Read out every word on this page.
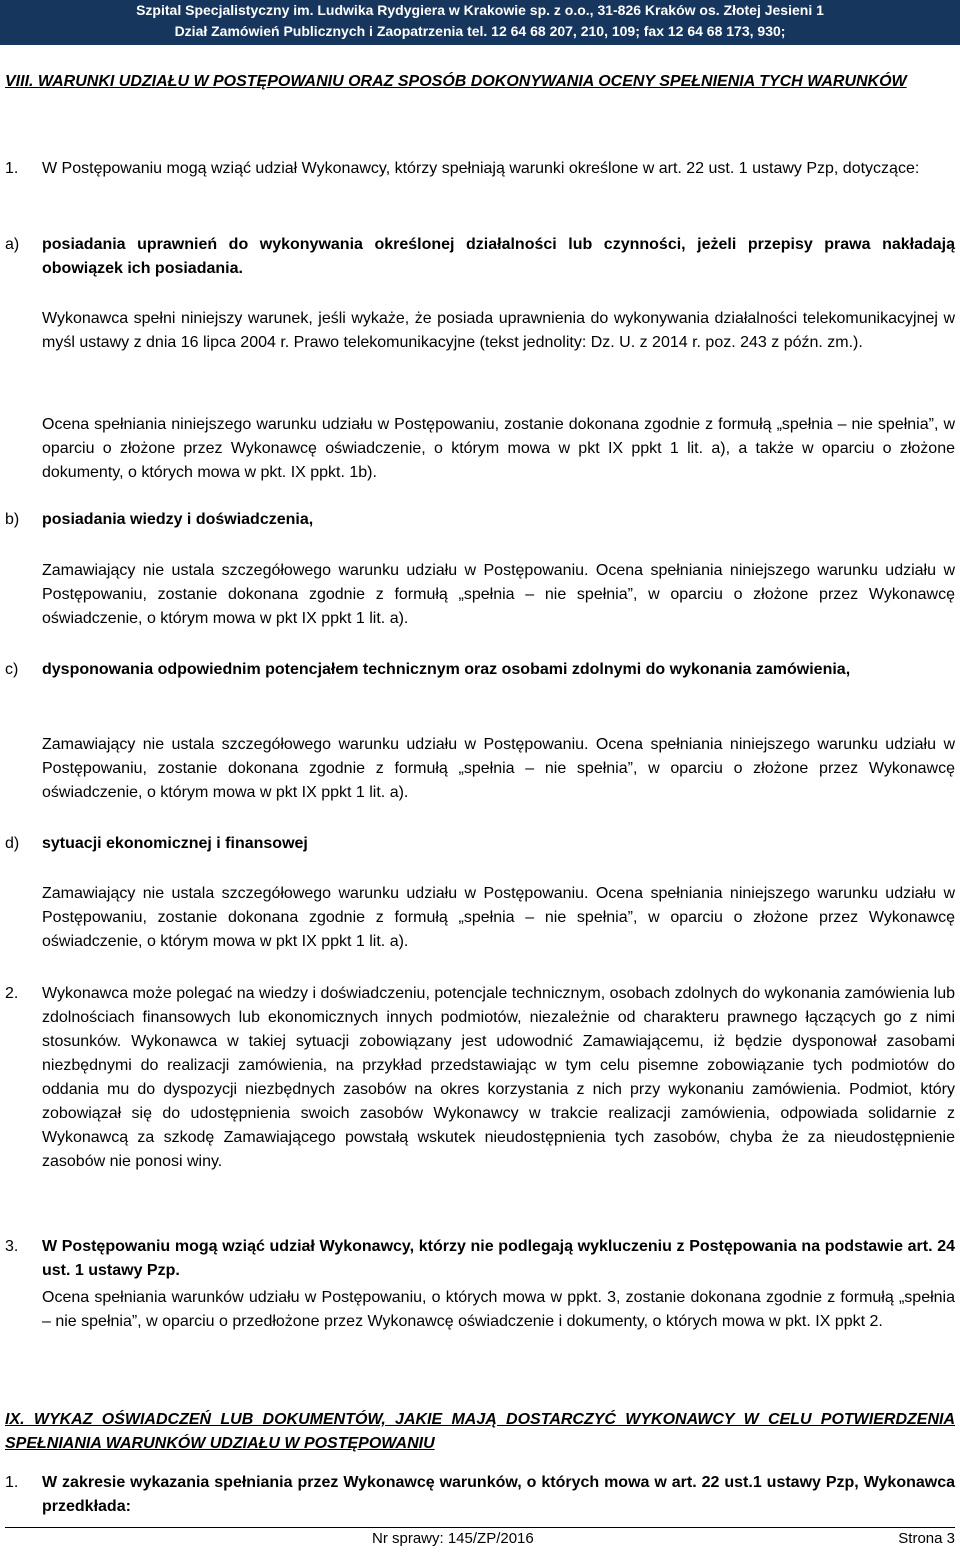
Szpital Specjalistyczny im. Ludwika Rydygiera w Krakowie sp. z o.o., 31-826 Kraków os. Złotej Jesieni 1
Dział Zamówień Publicznych i Zaopatrzenia tel. 12 64 68 207, 210, 109; fax 12 64 68 173, 930;
VIII. WARUNKI UDZIAŁU W POSTĘPOWANIU ORAZ SPOSÓB DOKONYWANIA OCENY SPEŁNIENIA TYCH WARUNKÓW
1. W Postępowaniu mogą wziąć udział Wykonawcy, którzy spełniają warunki określone w art. 22 ust. 1 ustawy Pzp, dotyczące:
a) posiadania uprawnień do wykonywania określonej działalności lub czynności, jeżeli przepisy prawa nakładają obowiązek ich posiadania.
Wykonawca spełni niniejszy warunek, jeśli wykaże, że posiada uprawnienia do wykonywania działalności telekomunikacyjnej w myśl ustawy z dnia 16 lipca 2004 r. Prawo telekomunikacyjne (tekst jednolity: Dz. U. z 2014 r. poz. 243 z późn. zm.).
Ocena spełniania niniejszego warunku udziału w Postępowaniu, zostanie dokonana zgodnie z formułą „spełnia – nie spełnia”, w oparciu o złożone przez Wykonawcę oświadczenie, o którym mowa w pkt IX ppkt 1 lit. a), a także w oparciu o złożone dokumenty, o których mowa w pkt. IX ppkt. 1b).
b) posiadania wiedzy i doświadczenia,
Zamawiający nie ustala szczegółowego warunku udziału w Postępowaniu. Ocena spełniania niniejszego warunku udziału w Postępowaniu, zostanie dokonana zgodnie z formułą „spełnia – nie spełnia”, w oparciu o złożone przez Wykonawcę oświadczenie, o którym mowa w pkt IX ppkt 1 lit. a).
c) dysponowania odpowiednim potencjałem technicznym oraz osobami zdolnymi do wykonania zamówienia,
Zamawiający nie ustala szczegółowego warunku udziału w Postępowaniu. Ocena spełniania niniejszego warunku udziału w Postępowaniu, zostanie dokonana zgodnie z formułą „spełnia – nie spełnia”, w oparciu o złożone przez Wykonawcę oświadczenie, o którym mowa w pkt IX ppkt 1 lit. a).
d) sytuacji ekonomicznej i finansowej
Zamawiający nie ustala szczegółowego warunku udziału w Postępowaniu. Ocena spełniania niniejszego warunku udziału w Postępowaniu, zostanie dokonana zgodnie z formułą „spełnia – nie spełnia”, w oparciu o złożone przez Wykonawcę oświadczenie, o którym mowa w pkt IX ppkt 1 lit. a).
2. Wykonawca może polegać na wiedzy i doświadczeniu, potencjale technicznym, osobach zdolnych do wykonania zamówienia lub zdolnościach finansowych lub ekonomicznych innych podmiotów, niezależnie od charakteru prawnego łączących go z nimi stosunków. Wykonawca w takiej sytuacji zobowiązany jest udowodnić Zamawiającemu, iż będzie dysponował zasobami niezbędnymi do realizacji zamówienia, na przykład przedstawiając w tym celu pisemne zobowiązanie tych podmiotów do oddania mu do dyspozycji niezbędnych zasobów na okres korzystania z nich przy wykonaniu zamówienia. Podmiot, który zobowiązał się do udostępnienia swoich zasobów Wykonawcy w trakcie realizacji zamówienia, odpowiada solidarnie z Wykonawcą za szkodę Zamawiającego powstałą wskutek nieudostępnienia tych zasobów, chyba że za nieudostępnienie zasobów nie ponosi winy.
3. W Postępowaniu mogą wziąć udział Wykonawcy, którzy nie podlegają wykluczeniu z Postępowania na podstawie art. 24 ust. 1 ustawy Pzp.
Ocena spełniania warunków udziału w Postępowaniu, o których mowa w ppkt. 3, zostanie dokonana zgodnie z formułą „spełnia – nie spełnia”, w oparciu o przedłożone przez Wykonawcę oświadczenie i dokumenty, o których mowa w pkt. IX ppkt 2.
IX. WYKAZ OŚWIADCZEŃ LUB DOKUMENTÓW, JAKIE MAJĄ DOSTARCZYĆ WYKONAWCY W CELU POTWIERDZENIA SPEŁNIANIA WARUNKÓW UDZIAŁU W POSTĘPOWANIU
1. W zakresie wykazania spełniania przez Wykonawcę warunków, o których mowa w art. 22 ust.1 ustawy Pzp, Wykonawca przedkłada:
Nr sprawy: 145/ZP/2016	Strona 3
